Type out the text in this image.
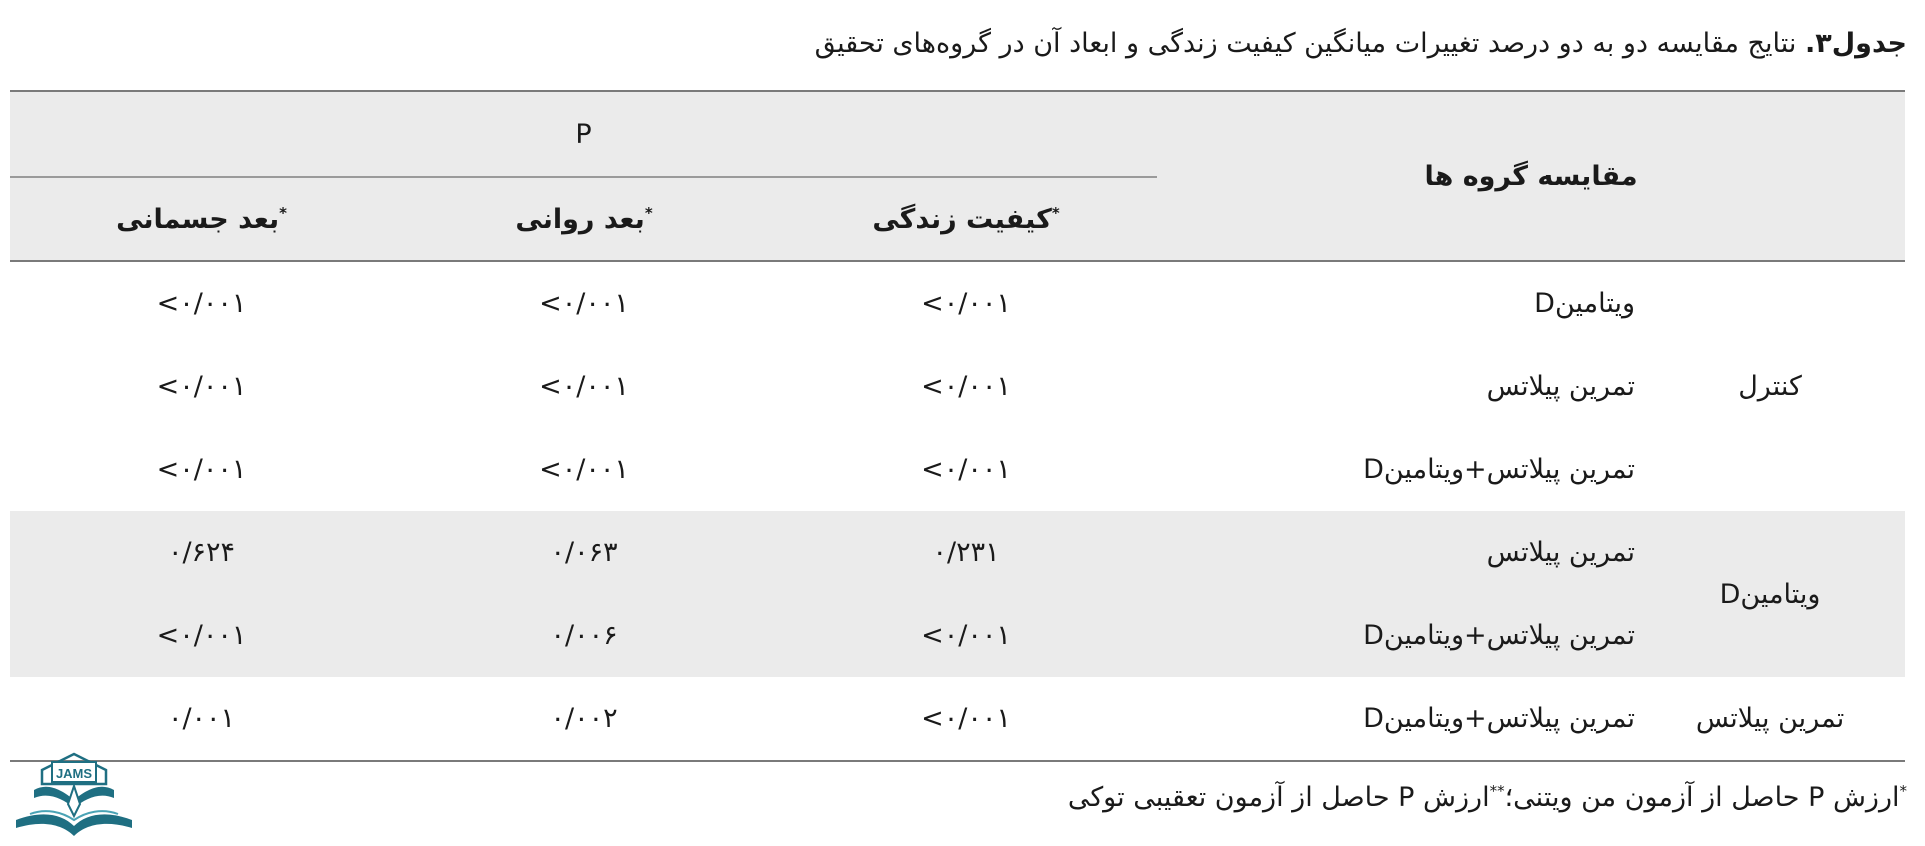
جدول۳. نتایج مقایسه دو به دو درصد تغییرات میانگین کیفیت زندگی و ابعاد آن در گروه‌های تحقیق
مقایسه گروه ها		P		
		*کیفیت زندگی	*بعد روانی	*بعد جسمانی
کنترل	ویتامینD	<۰/۰۰۱	<۰/۰۰۱	<۰/۰۰۱
	تمرین پیلاتس	<۰/۰۰۱	<۰/۰۰۱	<۰/۰۰۱
	تمرین پیلاتس+ویتامینD	<۰/۰۰۱	<۰/۰۰۱	<۰/۰۰۱
ویتامینD	تمرین پیلاتس	۰/۲۳۱	۰/۰۶۳	۰/۶۲۴
	تمرین پیلاتس+ویتامینD	<۰/۰۰۱	۰/۰۰۶	<۰/۰۰۱
تمرین پیلاتس	تمرین پیلاتس+ویتامینD	<۰/۰۰۱	۰/۰۰۲	۰/۰۰۱
*ارزش P حاصل از آزمون من ویتنی؛**ارزش P حاصل از آزمون تعقیبی توکی
JAMS
